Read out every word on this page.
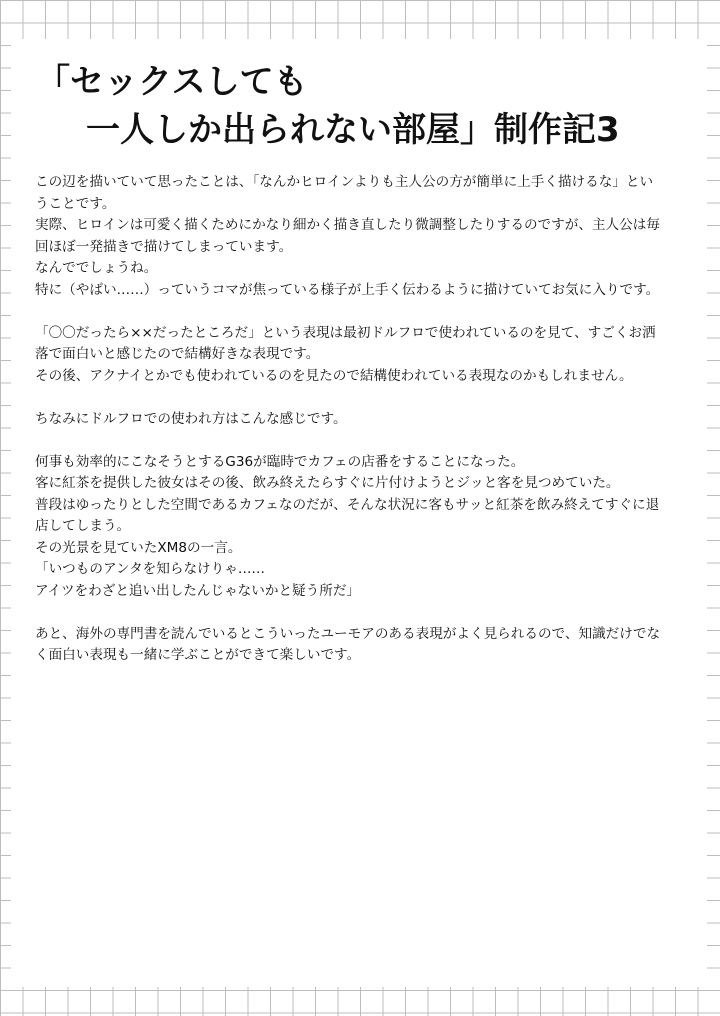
「セックスしても
一人しか出られない部屋」制作記3

この辺を描いていて思ったことは、「なんかヒロインよりも主人公の方が簡単に上手く描けるな」ということです。
実際、ヒロインは可愛く描くためにかなり細かく描き直したり微調整したりするのですが、主人公は毎回ほぼ一発描きで描けてしまっています。
なんででしょうね。
特に（やばい……）っていうコマが焦っている様子が上手く伝わるように描けていてお気に入りです。

「〇〇だったら××だったところだ」という表現は最初ドルフロで使われているのを見て、すごくお洒落で面白いと感じたので結構好きな表現です。
その後、アクナイとかでも使われているのを見たので結構使われている表現なのかもしれません。

ちなみにドルフロでの使われ方はこんな感じです。

何事も効率的にこなそうとするG36が臨時でカフェの店番をすることになった。
客に紅茶を提供した彼女はその後、飲み終えたらすぐに片付けようとジッと客を見つめていた。
普段はゆったりとした空間であるカフェなのだが、そんな状況に客もサッと紅茶を飲み終えてすぐに退店してしまう。
その光景を見ていたXM8の一言。
「いつものアンタを知らなけりゃ……
アイツをわざと追い出したんじゃないかと疑う所だ」

あと、海外の専門書を読んでいるとこういったユーモアのある表現がよく見られるので、知識だけでなく面白い表現も一緒に学ぶことができて楽しいです。
